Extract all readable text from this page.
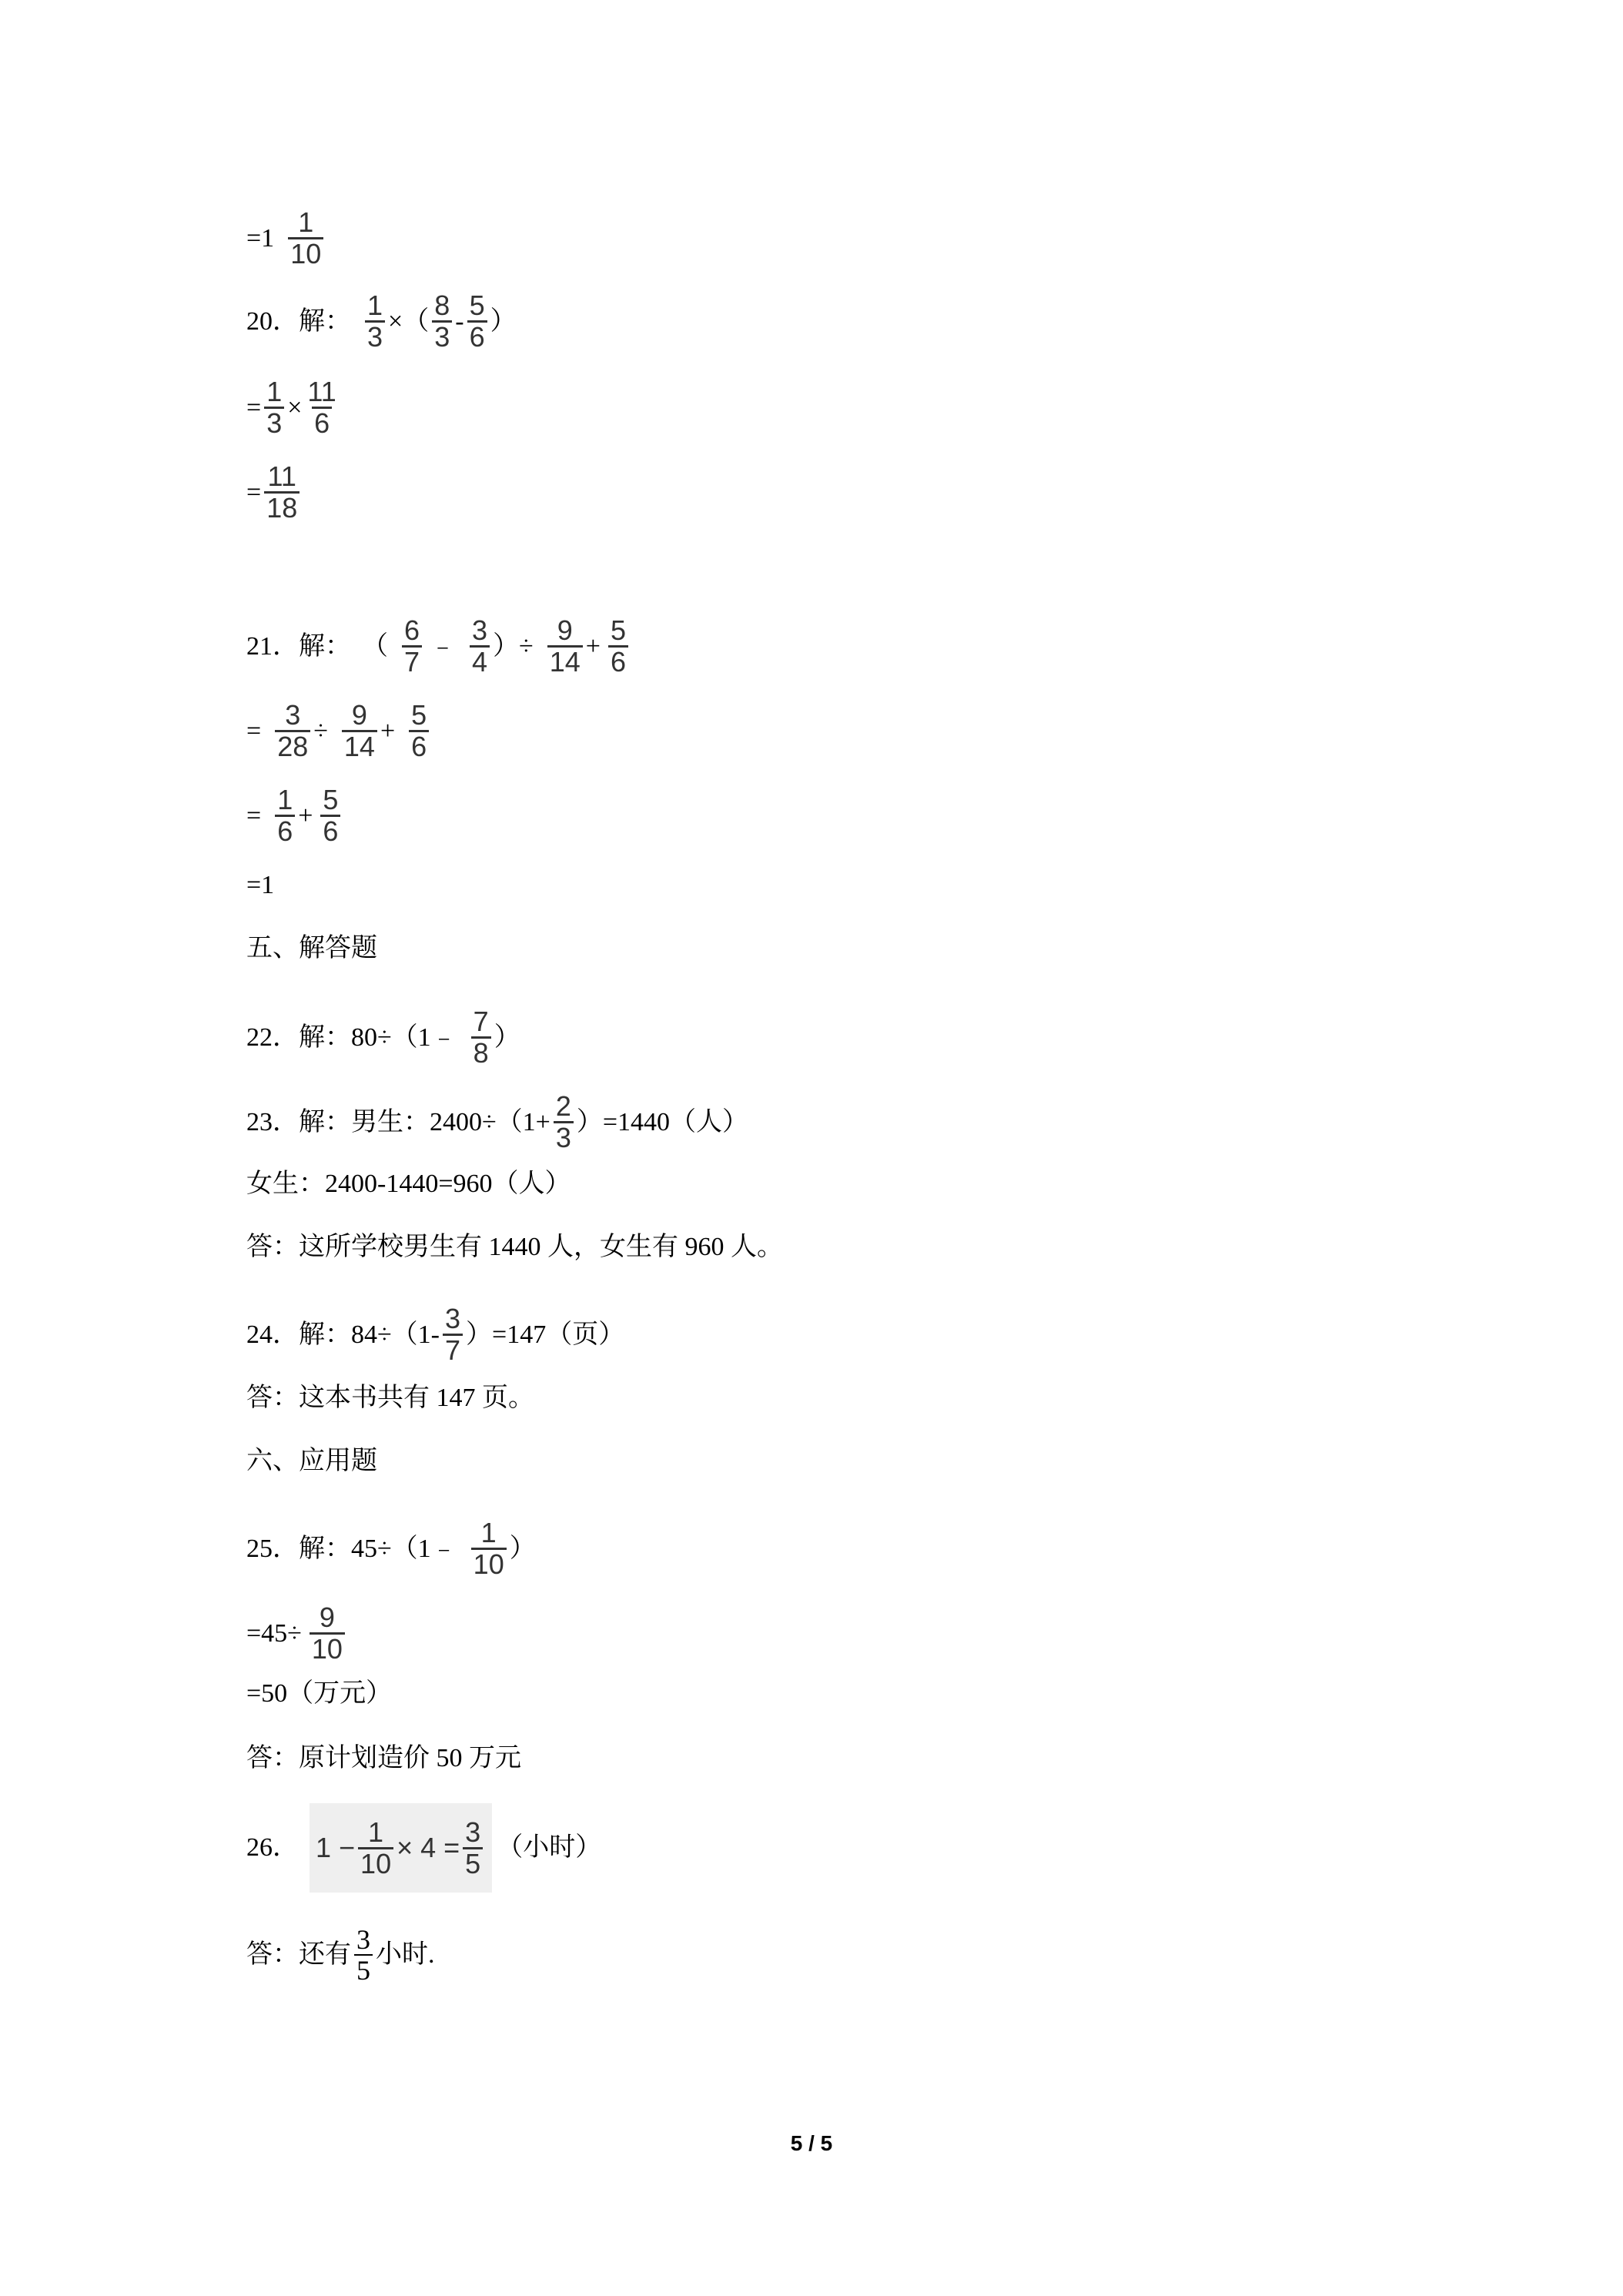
$=1 \frac{1}{10}$
20．解： $\frac{1}{3}$ ×（ $\frac{8}{3} - \frac{5}{6}$ ）
= $\frac{1}{3} \times \frac{11}{6}$
= $\frac{11}{18}$
21．解： （ $\frac{6}{7}$ ﹣ $\frac{3}{4}$ ）÷ $\frac{9}{14} + \frac{5}{6}$
= $\frac{3}{28} \div \frac{9}{14} + \frac{5}{6}$
= $\frac{1}{6} + \frac{5}{6}$
=1
五、解答题
22．解：80÷（1﹣ $\frac{7}{8}$ ）
23．解：男生：$2400\div(1+ \frac{2}{3} )=1440$（人）
女生：2400-1440=960（人）
答：这所学校男生有 1440 人，女生有 960 人。
24．解：$84\div(1- \frac{3}{7} )=147$（页）
答：这本书共有 147 页。
六、应用题
25．解：45÷（1﹣ $\frac{1}{10}$ ）
$=45\div \frac{9}{10}$
=50（万元）
答：原计划造价 50 万元
26． $1 - \frac{1}{10} \times 4 = \frac{3}{5}$ （小时）
答：还有 $\frac{3}{5}$ 小时.
5 / 5
